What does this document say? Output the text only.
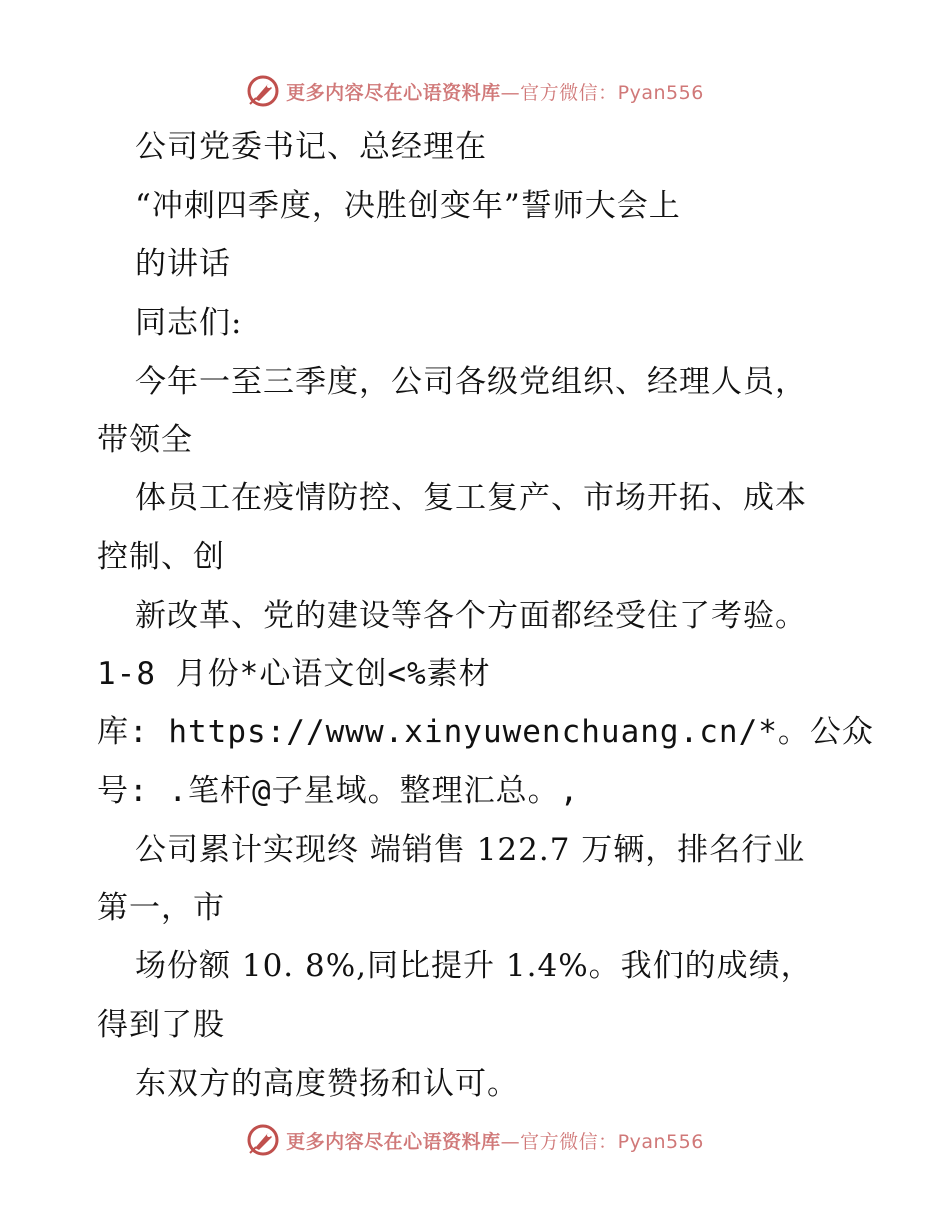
更多内容尽在心语资料库—官方微信：Pyan556
公司党委书记、总经理在
“冲刺四季度，决胜创变年”誓师大会上
的讲话
同志们:
今年一至三季度，公司各级党组织、经理人员，
带领全
体员工在疫情防控、复工复产、市场开拓、成本
控制、创
新改革、党的建设等各个方面都经受住了考验。
1-8 月份*心语文创<%素材
库: https://www.xinyuwenchuang.cn/*。公众
号: .笔杆@子星域。整理汇总。,
公司累计实现终 端销售 122.7 万辆，排名行业
第一，市
场份额 10. 8%,同比提升 1.4%。我们的成绩，
得到了股
东双方的高度赞扬和认可。
更多内容尽在心语资料库—官方微信：Pyan556
